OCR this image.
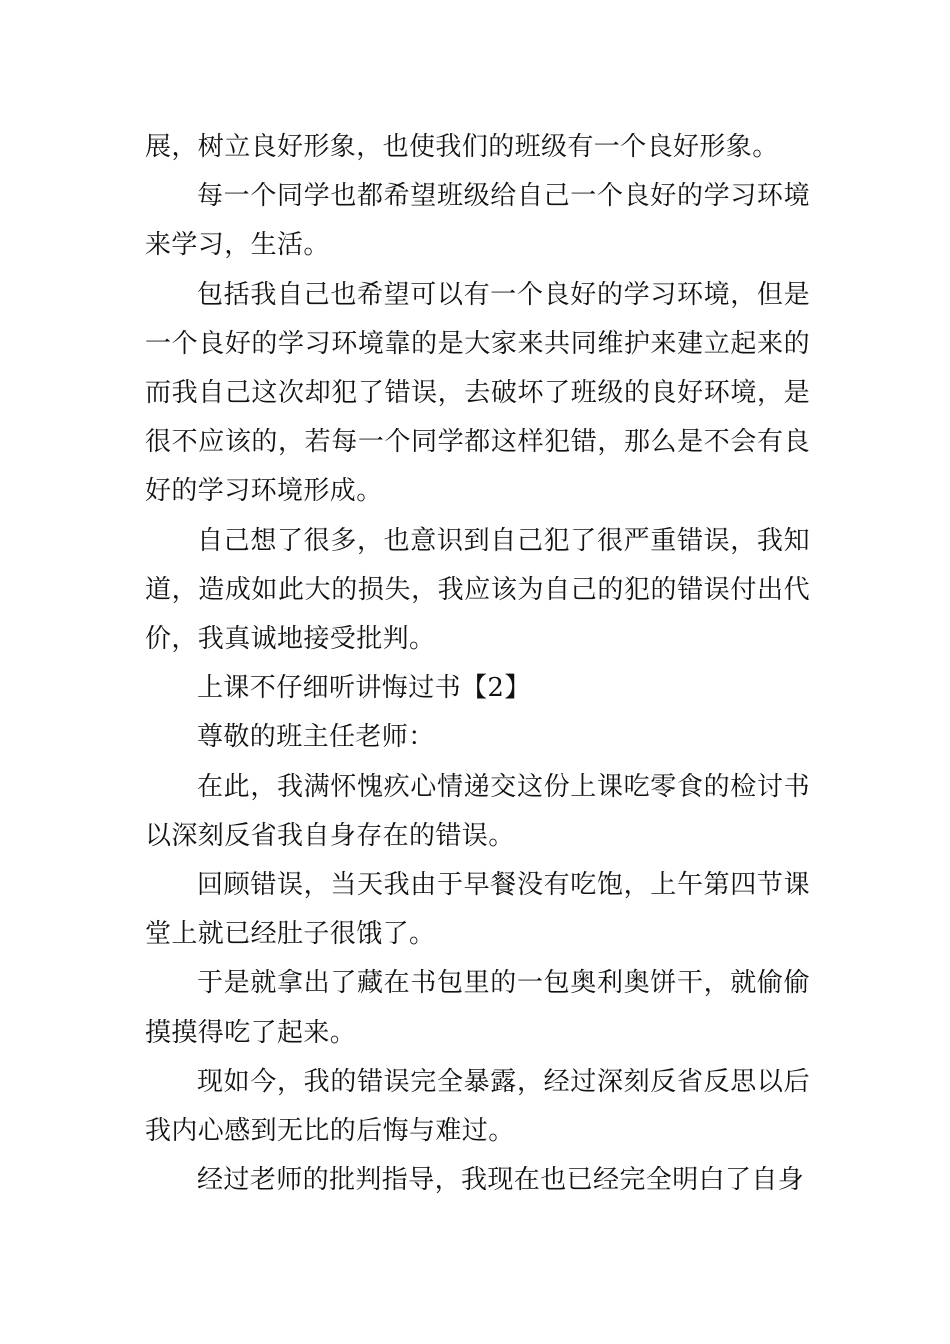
展，树立良好形象，也使我们的班级有一个良好形象。

每一个同学也都希望班级给自己一个良好的学习环境来学习，生活。

包括我自己也希望可以有一个良好的学习环境，但是一个良好的学习环境靠的是大家来共同维护来建立起来的而我自己这次却犯了错误，去破坏了班级的良好环境，是很不应该的，若每一个同学都这样犯错，那么是不会有良好的学习环境形成。

自己想了很多，也意识到自己犯了很严重错误，我知道，造成如此大的损失，我应该为自己的犯的错误付出代价，我真诚地接受批判。

上课不仔细听讲悔过书【2】

尊敬的班主任老师：

在此，我满怀愧疚心情递交这份上课吃零食的检讨书以深刻反省我自身存在的错误。

回顾错误，当天我由于早餐没有吃饱，上午第四节课堂上就已经肚子很饿了。

于是就拿出了藏在书包里的一包奥利奥饼干，就偷偷摸摸得吃了起来。

现如今，我的错误完全暴露，经过深刻反省反思以后我内心感到无比的后悔与难过。

经过老师的批判指导，我现在也已经完全明白了自身
